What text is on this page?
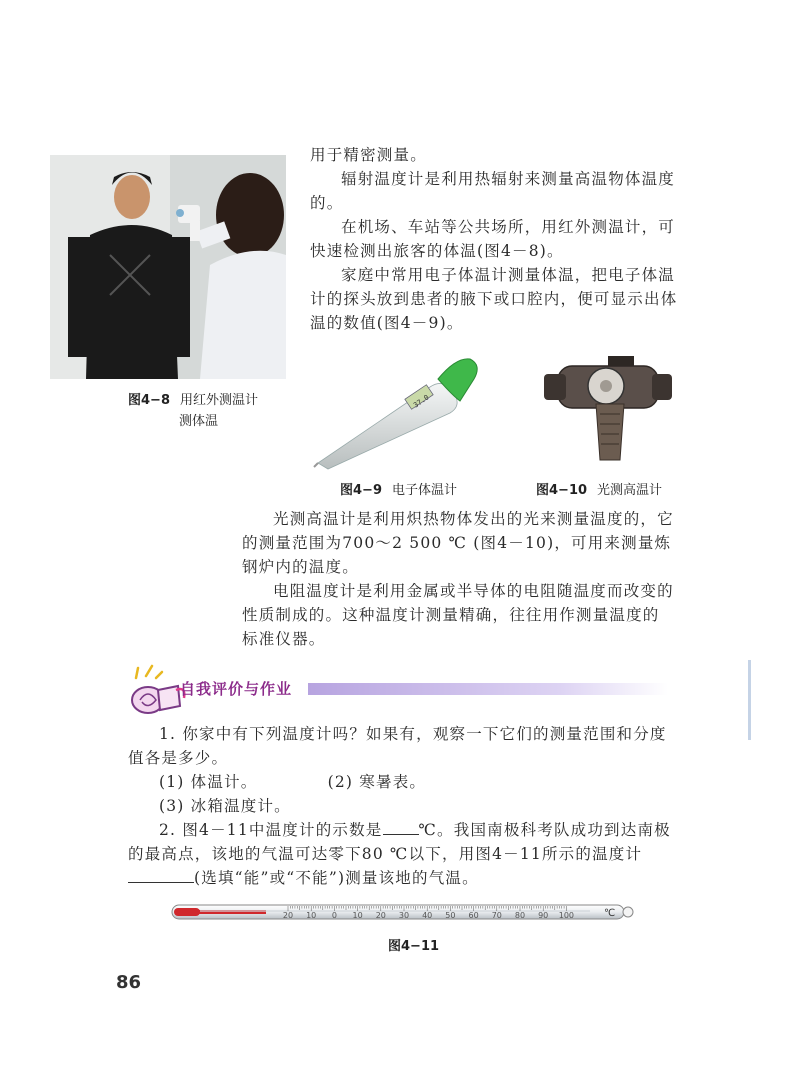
图4−8 用红外测温计
测体温
用于精密测量。
辐射温度计是利用热辐射来测量高温物体温度的。
在机场、车站等公共场所，用红外测温计，可快速检测出旅客的体温(图4－8)。
家庭中常用电子体温计测量体温，把电子体温计的探头放到患者的腋下或口腔内，便可显示出体温的数值(图4－9)。
37.0
图4−9 电子体温计	图4−10 光测高温计
光测高温计是利用炽热物体发出的光来测量温度的，它的测量范围为700～2 500 ℃ (图4－10)，可用来测量炼钢炉内的温度。
电阻温度计是利用金属或半导体的电阻随温度而改变的性质制成的。这种温度计测量精确，往往用作测量温度的标准仪器。
自我评价与作业
1. 你家中有下列温度计吗？如果有，观察一下它们的测量范围和分度值各是多少。
(1) 体温计。	(2) 寒暑表。
(3) 冰箱温度计。
2. 图4－11中温度计的示数是 ℃。我国南极科考队成功到达南极的最高点，该地的气温可达零下80 ℃以下，用图4－11所示的温度计(选填“能”或“不能”)测量该地的气温。
20 10 0 10 20 30 40 50 60 70 80 90 100	℃
图4−11
86
